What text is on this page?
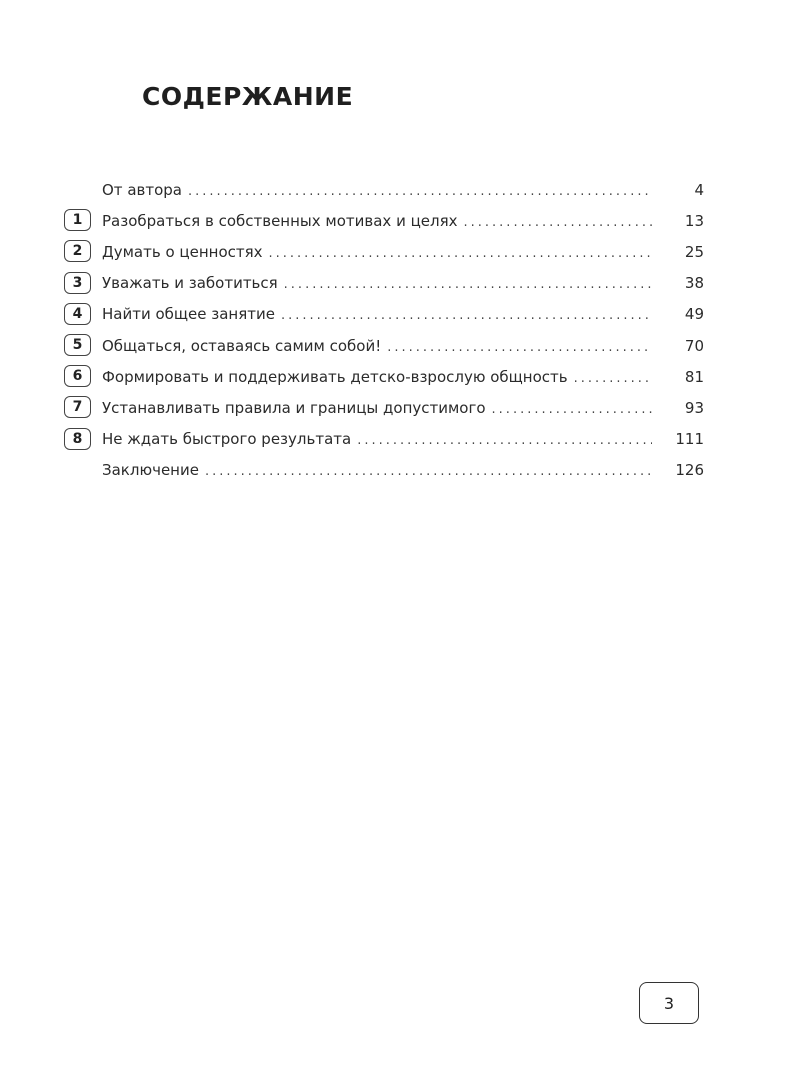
СОДЕРЖАНИЕ
От автора .....	4
1	Разобраться в собственных мотивах и целях .....	13
2	Думать о ценностях .....	25
3	Уважать и заботиться .....	38
4	Найти общее занятие .....	49
5	Общаться, оставаясь самим собой! .....	70
6	Формировать и поддерживать детско-взрослую общность .....	81
7	Устанавливать правила и границы допустимого .....	93
8	Не ждать быстрого результата .....	111
Заключение .....	126
3
